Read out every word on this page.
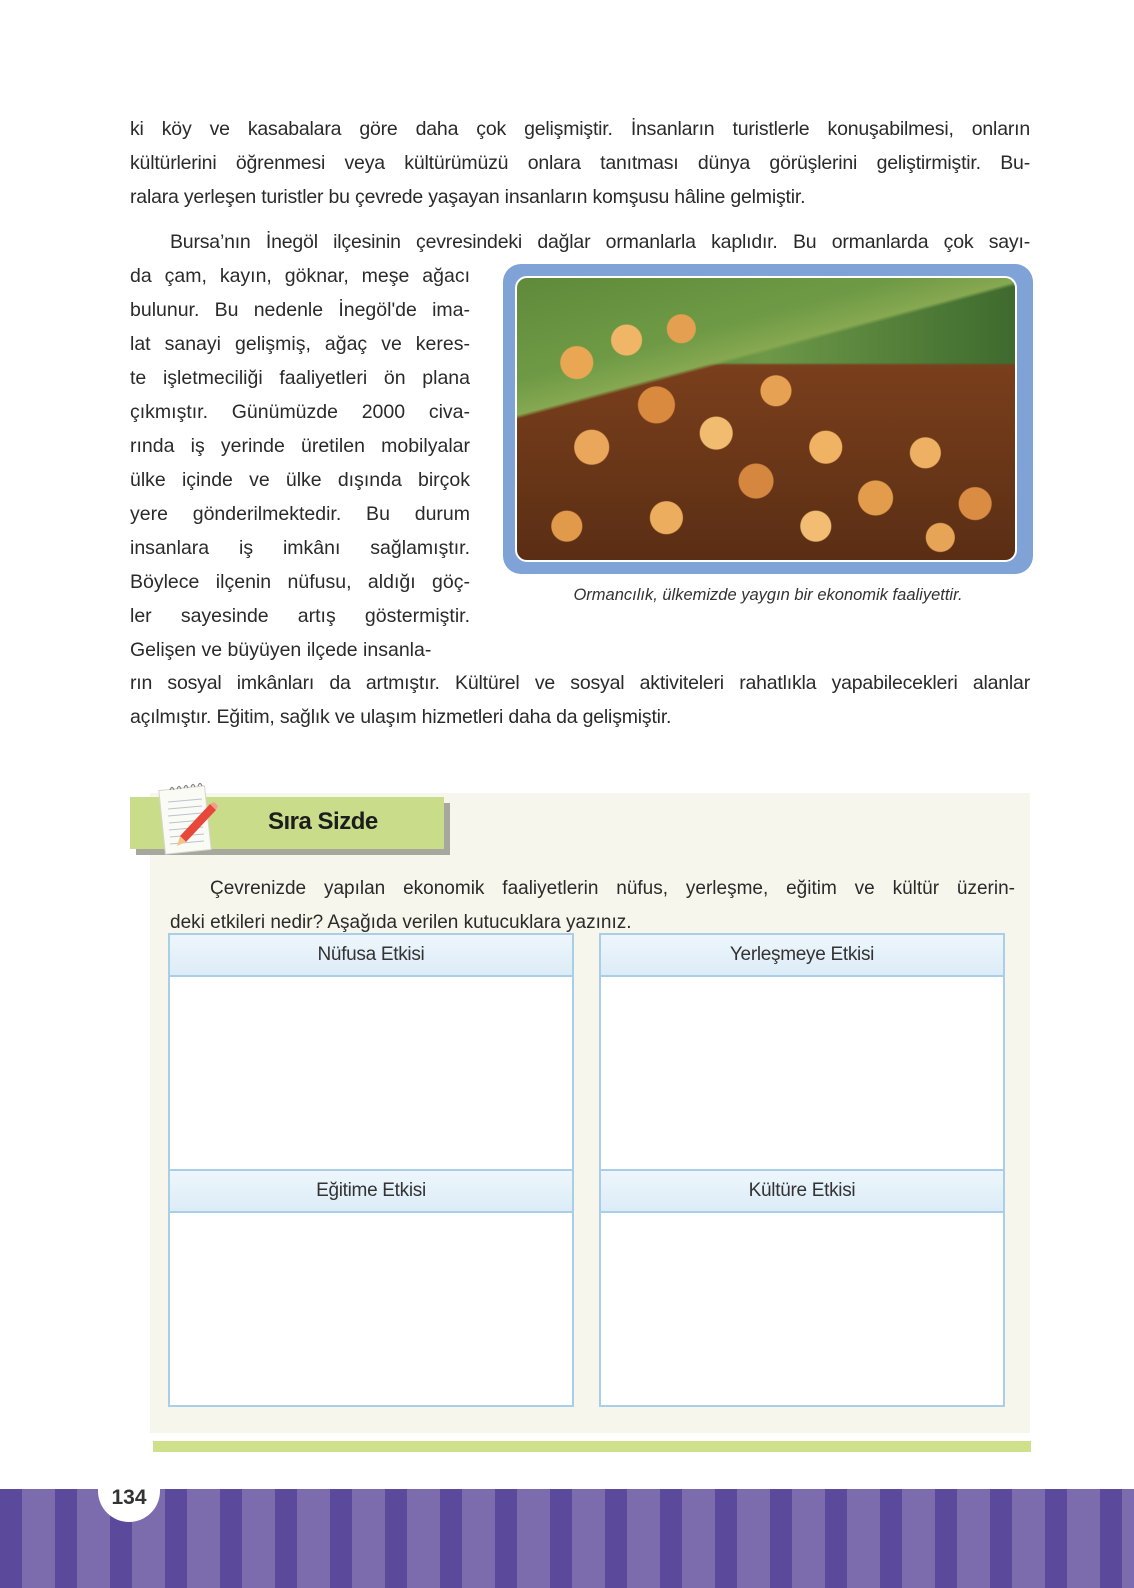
ki köy ve kasabalara göre daha çok gelişmiştir. İnsanların turistlerle konuşabilmesi, onların
kültürlerini öğrenmesi veya kültürümüzü onlara tanıtması dünya görüşlerini geliştirmiştir. Bu-
ralara yerleşen turistler bu çevrede yaşayan insanların komşusu hâline gelmiştir.
Bursa’nın İnegöl ilçesinin çevresindeki dağlar ormanlarla kaplıdır. Bu ormanlarda çok sayı-
da çam, kayın, göknar, meşe ağacı
bulunur. Bu nedenle İnegöl'de ima-
lat sanayi gelişmiş, ağaç ve keres-
te işletmeciliği faaliyetleri ön plana
çıkmıştır. Günümüzde 2000 civa-
rında iş yerinde üretilen mobilyalar
ülke içinde ve ülke dışında birçok
yere gönderilmektedir. Bu durum
insanlara iş imkânı sağlamıştır.
Böylece ilçenin nüfusu, aldığı göç-
ler sayesinde artış göstermiştir.
Gelişen ve büyüyen ilçede insanla-
Ormancılık, ülkemizde yaygın bir ekonomik faaliyettir.
rın sosyal imkânları da artmıştır. Kültürel ve sosyal aktiviteleri rahatlıkla yapabilecekleri alanlar
açılmıştır. Eğitim, sağlık ve ulaşım hizmetleri daha da gelişmiştir.
Sıra Sizde
Çevrenizde yapılan ekonomik faaliyetlerin nüfus, yerleşme, eğitim ve kültür üzerin-
deki etkileri nedir? Aşağıda verilen kutucuklara yazınız.
Nüfusa Etkisi
Eğitime Etkisi
Yerleşmeye Etkisi
Kültüre Etkisi
134
